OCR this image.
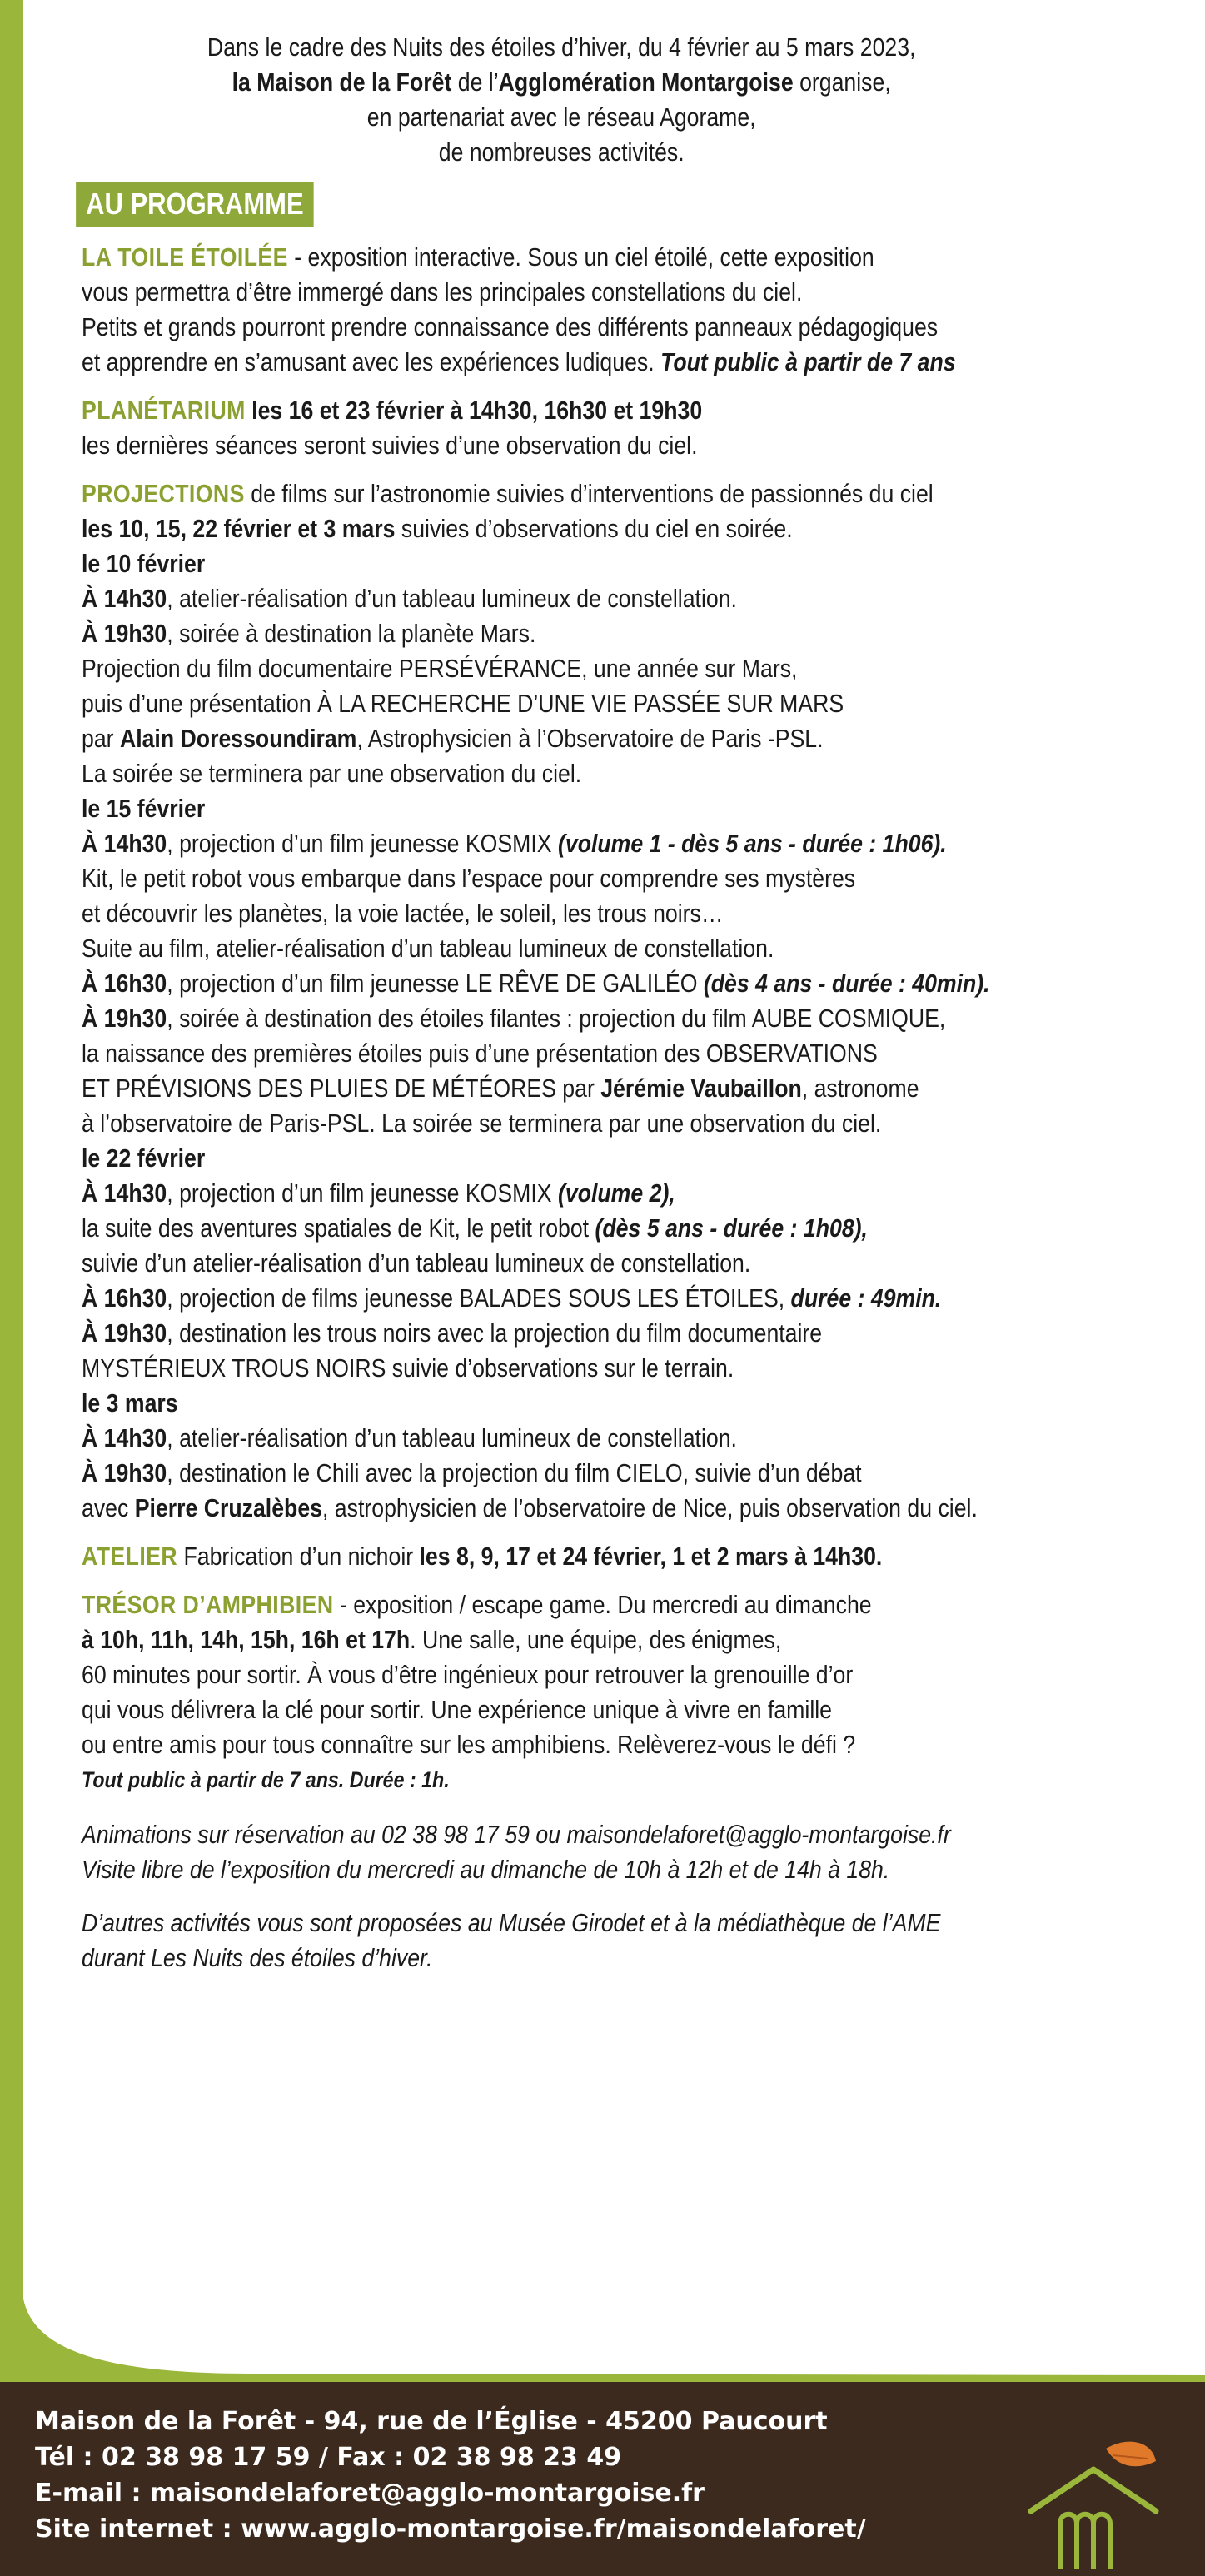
Dans le cadre des Nuits des étoiles d’hiver, du 4 février au 5 mars 2023,

la Maison de la Forêt de l’Agglomération Montargoise organise,

en partenariat avec le réseau Agorame,

de nombreuses activités.

AU PROGRAMME

LA TOILE ÉTOILÉE - exposition interactive. Sous un ciel étoilé, cette exposition

vous permettra d’être immergé dans les principales constellations du ciel.

Petits et grands pourront prendre connaissance des différents panneaux pédagogiques

et apprendre en s’amusant avec les expériences ludiques. Tout public à partir de 7 ans

PLANÉTARIUM les 16 et 23 février à 14h30, 16h30 et 19h30

les dernières séances seront suivies d’une observation du ciel.

PROJECTIONS de films sur l’astronomie suivies d’interventions de passionnés du ciel

les 10, 15, 22 février et 3 mars suivies d’observations du ciel en soirée.

le 10 février

À 14h30, atelier-réalisation d’un tableau lumineux de constellation.

À 19h30, soirée à destination la planète Mars.

Projection du film documentaire PERSÉVÉRANCE, une année sur Mars,

puis d’une présentation À LA RECHERCHE D’UNE VIE PASSÉE SUR MARS

par Alain Doressoundiram, Astrophysicien à l’Observatoire de Paris -PSL.

La soirée se terminera par une observation du ciel.

le 15 février

À 14h30, projection d’un film jeunesse KOSMIX (volume 1 - dès 5 ans - durée : 1h06).

Kit, le petit robot vous embarque dans l’espace pour comprendre ses mystères

et découvrir les planètes, la voie lactée, le soleil, les trous noirs…

Suite au film, atelier-réalisation d’un tableau lumineux de constellation.

À 16h30, projection d’un film jeunesse LE RÊVE DE GALILÉO (dès 4 ans - durée : 40min).

À 19h30, soirée à destination des étoiles filantes : projection du film AUBE COSMIQUE,

la naissance des premières étoiles puis d’une présentation des OBSERVATIONS

ET PRÉVISIONS DES PLUIES DE MÉTÉORES par Jérémie Vaubaillon, astronome

à l’observatoire de Paris-PSL. La soirée se terminera par une observation du ciel.

le 22 février

À 14h30, projection d’un film jeunesse KOSMIX (volume 2),

la suite des aventures spatiales de Kit, le petit robot (dès 5 ans - durée : 1h08),

suivie d’un atelier-réalisation d’un tableau lumineux de constellation.

À 16h30, projection de films jeunesse BALADES SOUS LES ÉTOILES, durée : 49min.

À 19h30, destination les trous noirs avec la projection du film documentaire

MYSTÉRIEUX TROUS NOIRS suivie d’observations sur le terrain.

le 3 mars

À 14h30, atelier-réalisation d’un tableau lumineux de constellation.

À 19h30, destination le Chili avec la projection du film CIELO, suivie d’un débat

avec Pierre Cruzalèbes, astrophysicien de l’observatoire de Nice, puis observation du ciel.

ATELIER Fabrication d’un nichoir les 8, 9, 17 et 24 février, 1 et 2 mars à 14h30.

TRÉSOR D’AMPHIBIEN - exposition / escape game. Du mercredi au dimanche

à 10h, 11h, 14h, 15h, 16h et 17h. Une salle, une équipe, des énigmes,

60 minutes pour sortir. À vous d’être ingénieux pour retrouver la grenouille d’or

qui vous délivrera la clé pour sortir. Une expérience unique à vivre en famille

ou entre amis pour tous connaître sur les amphibiens. Relèverez-vous le défi ?

Tout public à partir de 7 ans. Durée : 1h.

Animations sur réservation au 02 38 98 17 59 ou maisondelaforet@agglo-montargoise.fr

Visite libre de l’exposition du mercredi au dimanche de 10h à 12h et de 14h à 18h.

D’autres activités vous sont proposées au Musée Girodet et à la médiathèque de l’AME

durant Les Nuits des étoiles d’hiver.

Maison de la Forêt - 94, rue de l’Église - 45200 Paucourt

Tél : 02 38 98 17 59 / Fax : 02 38 98 23 49

E-mail : maisondelaforet@agglo-montargoise.fr

Site internet : www.agglo-montargoise.fr/maisondelaforet/
